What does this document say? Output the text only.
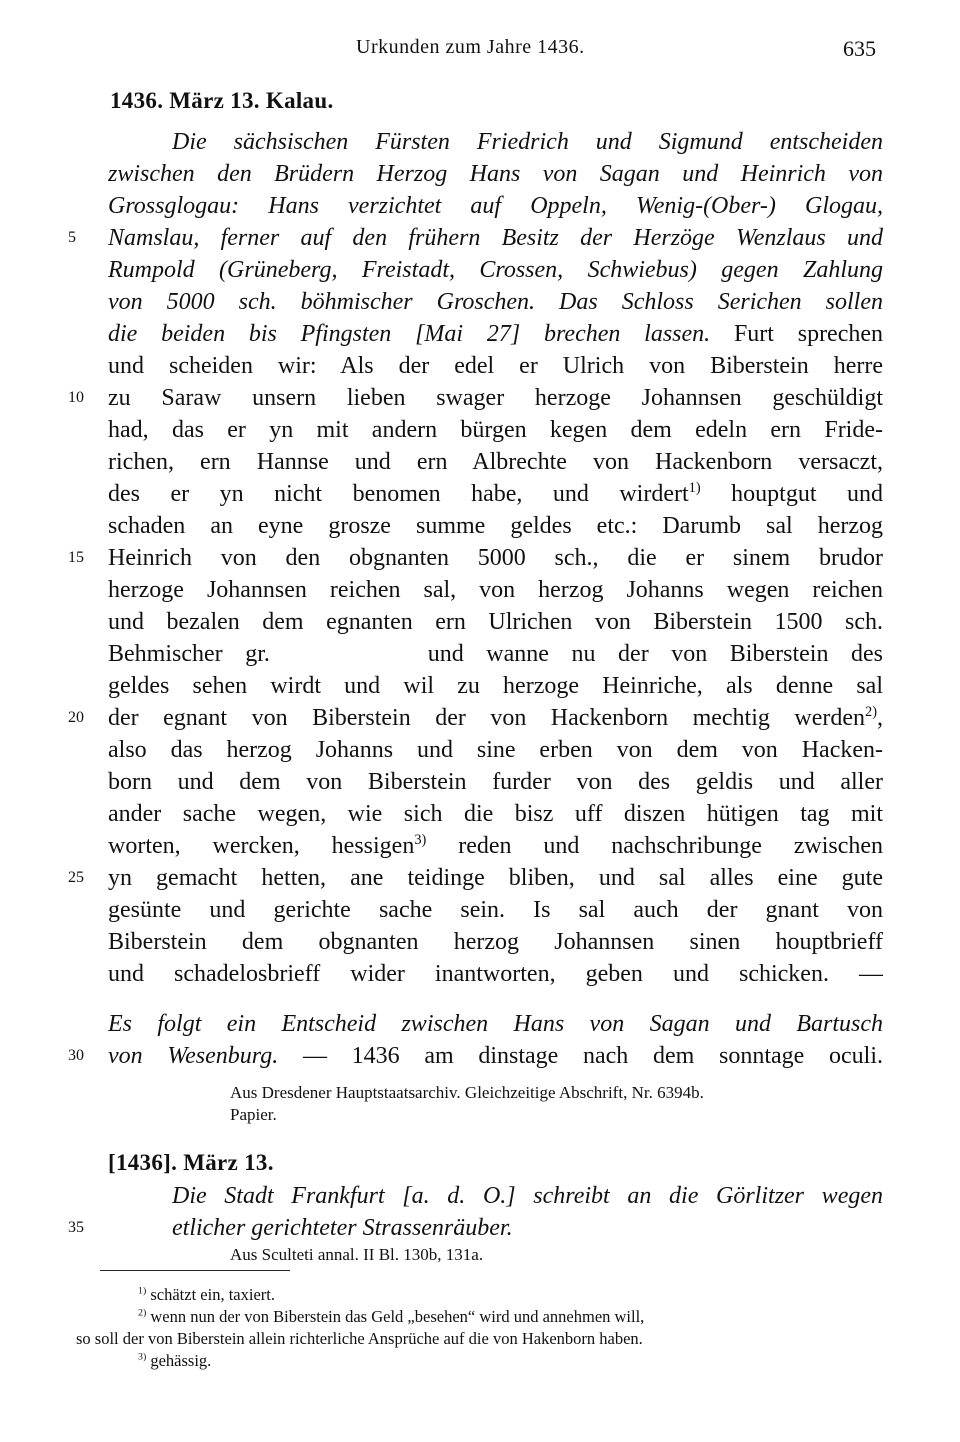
Urkunden zum Jahre 1436.	635
1436. März 13. Kalau.
Die sächsischen Fürsten Friedrich und Sigmund entscheiden
zwischen den Brüdern Herzog Hans von Sagan und Heinrich von
Grossglogau: Hans verzichtet auf Oppeln, Wenig-(Ober-) Glogau,
Namslau, ferner auf den frühern Besitz der Herzöge Wenzlaus und
Rumpold (Grüneberg, Freistadt, Crossen, Schwiebus) gegen Zahlung
von 5000 sch. böhmischer Groschen. Das Schloss Serichen sollen
die beiden bis Pfingsten [Mai 27] brechen lassen. Furt sprechen
und scheiden wir: Als der edel er Ulrich von Biberstein herre
zu Saraw unsern lieben swager herzoge Johannsen geschüldigt
had, das er yn mit andern bürgen kegen dem edeln ern Fride-
richen, ern Hannse und ern Albrechte von Hackenborn versaczt,
des er yn nicht benomen habe, und wirdert$^{1)}$ houptgut und
schaden an eyne grosze summe geldes etc.: Darumb sal herzog
Heinrich von den obgnanten 5000 sch., die er sinem brudor
herzoge Johannsen reichen sal, von herzog Johanns wegen reichen
und bezalen dem egnanten ern Ulrichen von Biberstein 1500 sch.
Behmischer gr.       und wanne nu der von Biberstein des
geldes sehen wirdt und wil zu herzoge Heinriche, als denne sal
der egnant von Biberstein der von Hackenborn mechtig werden$^{2)}$,
also das herzog Johanns und sine erben von dem von Hacken-
born und dem von Biberstein furder von des geldis und aller
ander sache wegen, wie sich die bisz uff diszen hütigen tag mit
worten, wercken, hessigen$^{3)}$ reden und nachschribunge zwischen
yn gemacht hetten, ane teidinge bliben, und sal alles eine gute
gesünte und gerichte sache sein. Is sal auch der gnant von
Biberstein dem obgnanten herzog Johannsen sinen houptbrieff
und schadelosbrieff wider inantworten, geben und schicken. —
Es folgt ein Entscheid zwischen Hans von Sagan und Bartusch
von Wesenburg. — 1436 am dinstage nach dem sonntage oculi.
Aus Dresdener Hauptstaatsarchiv. Gleichzeitige Abschrift, Nr. 6394b.
Papier.
[1436]. März 13.
Die Stadt Frankfurt [a. d. O.] schreibt an die Görlitzer wegen
etlicher gerichteter Strassenräuber.
Aus Sculteti annal. II Bl. 130b, 131a.
5
10
15
20
25
30
35
$^{1)}$ schätzt ein, taxiert.
$^{2)}$ wenn nun der von Biberstein das Geld „besehen“ wird und annehmen will,
so soll der von Biberstein allein richterliche Ansprüche auf die von Hakenborn haben.
$^{3)}$ gehässig.
